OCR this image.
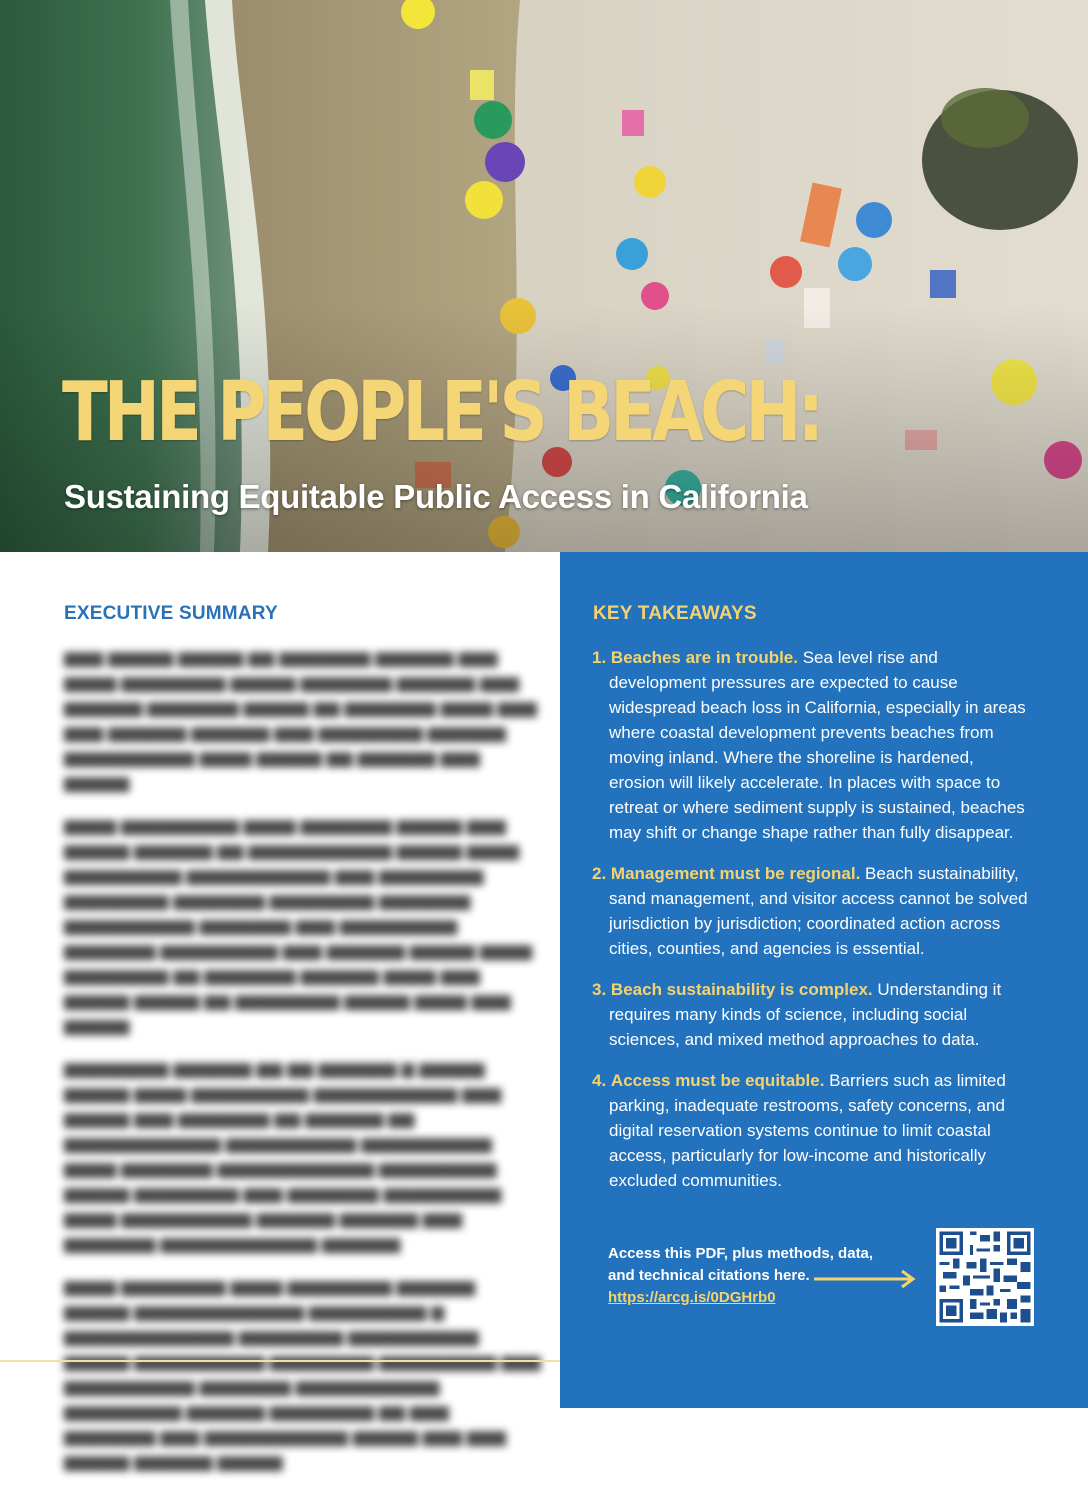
THE PEOPLE'S BEACH:
Sustaining Equitable Public Access in California
EXECUTIVE SUMMARY

▆▆▆ ▆▆▆▆▆ ▆▆▆▆▆ ▆▆ ▆▆▆▆▆▆▆ ▆▆▆▆▆▆ ▆▆▆ ▆▆▆▆ ▆▆▆▆▆▆▆▆ ▆▆▆▆▆ ▆▆▆▆▆▆▆ ▆▆▆▆▆▆ ▆▆▆ ▆▆▆▆▆▆ ▆▆▆▆▆▆▆ ▆▆▆▆▆ ▆▆ ▆▆▆▆▆▆▆ ▆▆▆▆ ▆▆▆ ▆▆▆ ▆▆▆▆▆▆ ▆▆▆▆▆▆ ▆▆▆ ▆▆▆▆▆▆▆▆ ▆▆▆▆▆▆ ▆▆▆▆▆▆▆▆▆▆ ▆▆▆▆ ▆▆▆▆▆ ▆▆ ▆▆▆▆▆▆ ▆▆▆ ▆▆▆▆▆

▆▆▆▆ ▆▆▆▆▆▆▆▆▆ ▆▆▆▆ ▆▆▆▆▆▆▆ ▆▆▆▆▆ ▆▆▆ ▆▆▆▆▆ ▆▆▆▆▆▆ ▆▆ ▆▆▆▆▆▆▆▆▆▆▆ ▆▆▆▆▆ ▆▆▆▆ ▆▆▆▆▆▆▆▆▆ ▆▆▆▆▆▆▆▆▆▆▆ ▆▆▆ ▆▆▆▆▆▆▆▆ ▆▆▆▆▆▆▆▆ ▆▆▆▆▆▆▆ ▆▆▆▆▆▆▆▆ ▆▆▆▆▆▆▆ ▆▆▆▆▆▆▆▆▆▆ ▆▆▆▆▆▆▆ ▆▆▆ ▆▆▆▆▆▆▆▆▆ ▆▆▆▆▆▆▆ ▆▆▆▆▆▆▆▆▆ ▆▆▆ ▆▆▆▆▆▆ ▆▆▆▆▆ ▆▆▆▆ ▆▆▆▆▆▆▆▆ ▆▆ ▆▆▆▆▆▆▆ ▆▆▆▆▆▆ ▆▆▆▆ ▆▆▆ ▆▆▆▆▆ ▆▆▆▆▆ ▆▆ ▆▆▆▆▆▆▆▆ ▆▆▆▆▆ ▆▆▆▆ ▆▆▆ ▆▆▆▆▆

▆▆▆▆▆▆▆▆ ▆▆▆▆▆▆ ▆▆ ▆▆ ▆▆▆▆▆▆ ▆ ▆▆▆▆▆ ▆▆▆▆▆ ▆▆▆▆ ▆▆▆▆▆▆▆▆▆ ▆▆▆▆▆▆▆▆▆▆▆ ▆▆▆ ▆▆▆▆▆ ▆▆▆ ▆▆▆▆▆▆▆ ▆▆ ▆▆▆▆▆▆ ▆▆ ▆▆▆▆▆▆▆▆▆▆▆▆ ▆▆▆▆▆▆▆▆▆▆ ▆▆▆▆▆▆▆▆▆▆ ▆▆▆▆ ▆▆▆▆▆▆▆ ▆▆▆▆▆▆▆▆▆▆▆▆ ▆▆▆▆▆▆▆▆▆ ▆▆▆▆▆ ▆▆▆▆▆▆▆▆ ▆▆▆ ▆▆▆▆▆▆▆ ▆▆▆▆▆▆▆▆▆ ▆▆▆▆ ▆▆▆▆▆▆▆▆▆▆ ▆▆▆▆▆▆ ▆▆▆▆▆▆ ▆▆▆ ▆▆▆▆▆▆▆ ▆▆▆▆▆▆▆▆▆▆▆▆ ▆▆▆▆▆▆

▆▆▆▆ ▆▆▆▆▆▆▆▆ ▆▆▆▆ ▆▆▆▆▆▆▆▆ ▆▆▆▆▆▆ ▆▆▆▆▆ ▆▆▆▆▆▆▆▆▆▆▆▆▆ ▆▆▆▆▆▆▆▆▆ ▆ ▆▆▆▆▆▆▆▆▆▆▆▆▆ ▆▆▆▆▆▆▆▆ ▆▆▆▆▆▆▆▆▆▆ ▆▆▆▆▆▆▆▆▆▆ ▆▆▆▆▆▆▆ ▆▆▆▆▆▆▆▆▆▆▆ ▆▆▆▆▆▆▆▆▆ ▆▆▆▆▆▆ ▆▆▆▆▆▆▆▆ ▆▆ ▆▆▆ ▆▆▆▆▆▆▆ ▆▆▆ ▆▆▆▆▆▆▆▆▆▆▆ ▆▆▆▆▆ ▆▆▆ ▆▆▆ ▆▆▆▆▆ ▆▆▆▆▆▆ ▆▆▆▆▆

KEY TAKEAWAYS
1. Beaches are in trouble. Sea level rise and development pressures are expected to cause widespread beach loss in California, especially in areas where coastal development prevents beaches from moving inland. Where the shoreline is hardened, erosion will likely accelerate. In places with space to retreat or where sediment supply is sustained, beaches may shift or change shape rather than fully disappear.
2. Management must be regional. Beach sustainability, sand management, and visitor access cannot be solved jurisdiction by jurisdiction; coordinated action across cities, counties, and agencies is essential.
3. Beach sustainability is complex. Understanding it requires many kinds of science, including social sciences, and mixed method approaches to data.
4. Access must be equitable. Barriers such as limited parking, inadequate restrooms, safety concerns, and digital reservation systems continue to limit coastal access, particularly for low-income and historically excluded communities.
Access this PDF, plus methods, data,
and technical citations here.
https://arcg.is/0DGHrb0
